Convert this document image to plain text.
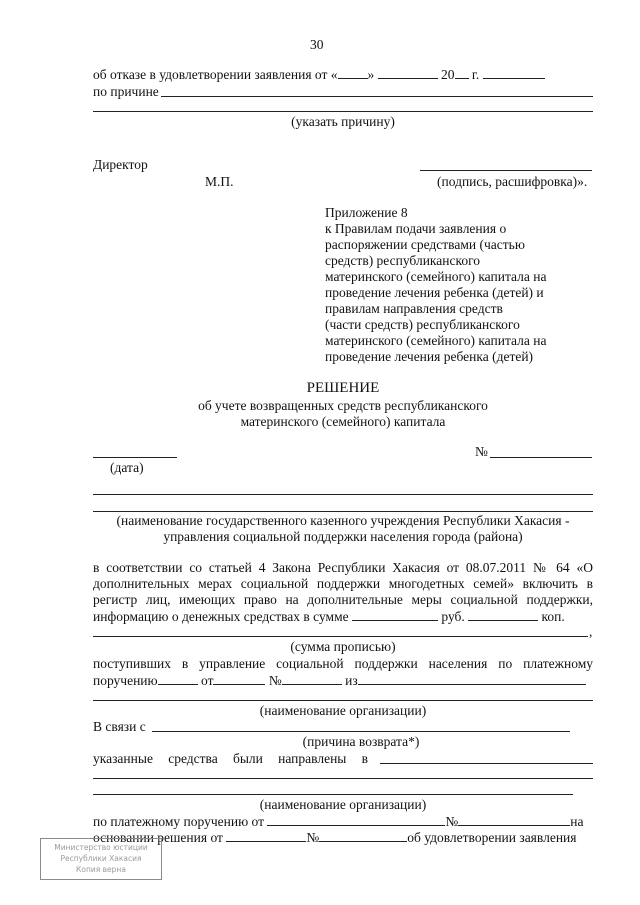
30
об отказе в удовлетворении заявления от « »	20 г.
по причине
(указать причину)
Директор
М.П.	(подпись, расшифровка)».
Приложение 8
к Правилам подачи заявления о
распоряжении средствами (частью
средств) республиканского
материнского (семейного) капитала на
проведение лечения ребенка (детей) и
правилам направления средств
(части средств) республиканского
материнского (семейного) капитала на
проведение лечения ребенка (детей)
РЕШЕНИЕ
об учете возвращенных средств республиканского
материнского (семейного) капитала
(дата)
№
(наименование государственного казенного учреждения Республики Хакасия -
управления социальной поддержки населения города (района)
в соответствии со статьей 4 Закона Республики Хакасия от 08.07.2011 № 64 «О
дополнительных мерах социальной поддержки многодетных семей» включить в
регистр лиц, имеющих право на дополнительные меры социальной поддержки,
информацию о денежных средствах в сумме	руб.	коп.
,
(сумма прописью)
поступивших в управление социальной поддержки населения по платежному
поручению	от	№	из
(наименование организации)
В связи с
(причина возврата*)
указанные средства были направлены в
(наименование организации)
по платежному поручению от	№	на
основании решения от	№	об удовлетворении заявления
Министерство юстиции
Республики Хакасия
Копия верна
